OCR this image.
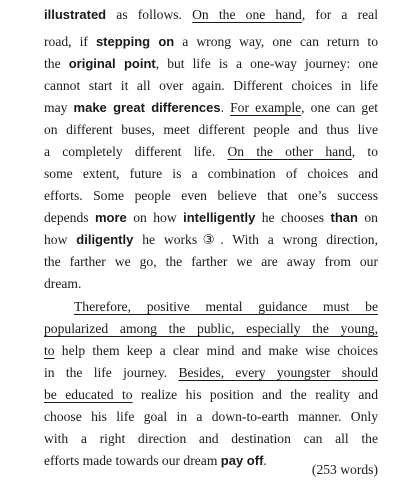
illustrated as follows. On the one hand, for a real
road, if stepping on a wrong way, one can return to
the original point, but life is a one-way journey: one
cannot start it all over again. Different choices in life
may make great differences. For example, one can get
on different buses, meet different people and thus live
a completely different life. On the other hand, to
some extent, future is a combination of choices and
efforts. Some people even believe that one’s success
depends more on how intelligently he chooses than on
how diligently he works③. With a wrong direction,
the farther we go, the farther we are away from our
dream.
Therefore, positive mental guidance must be
popularized among the public, especially the young,
to help them keep a clear mind and make wise choices
in the life journey. Besides, every youngster should
be educated to realize his position and the reality and
choose his life goal in a down-to-earth manner. Only
with a right direction and destination can all the
efforts made towards our dream pay off.
(253 words)
